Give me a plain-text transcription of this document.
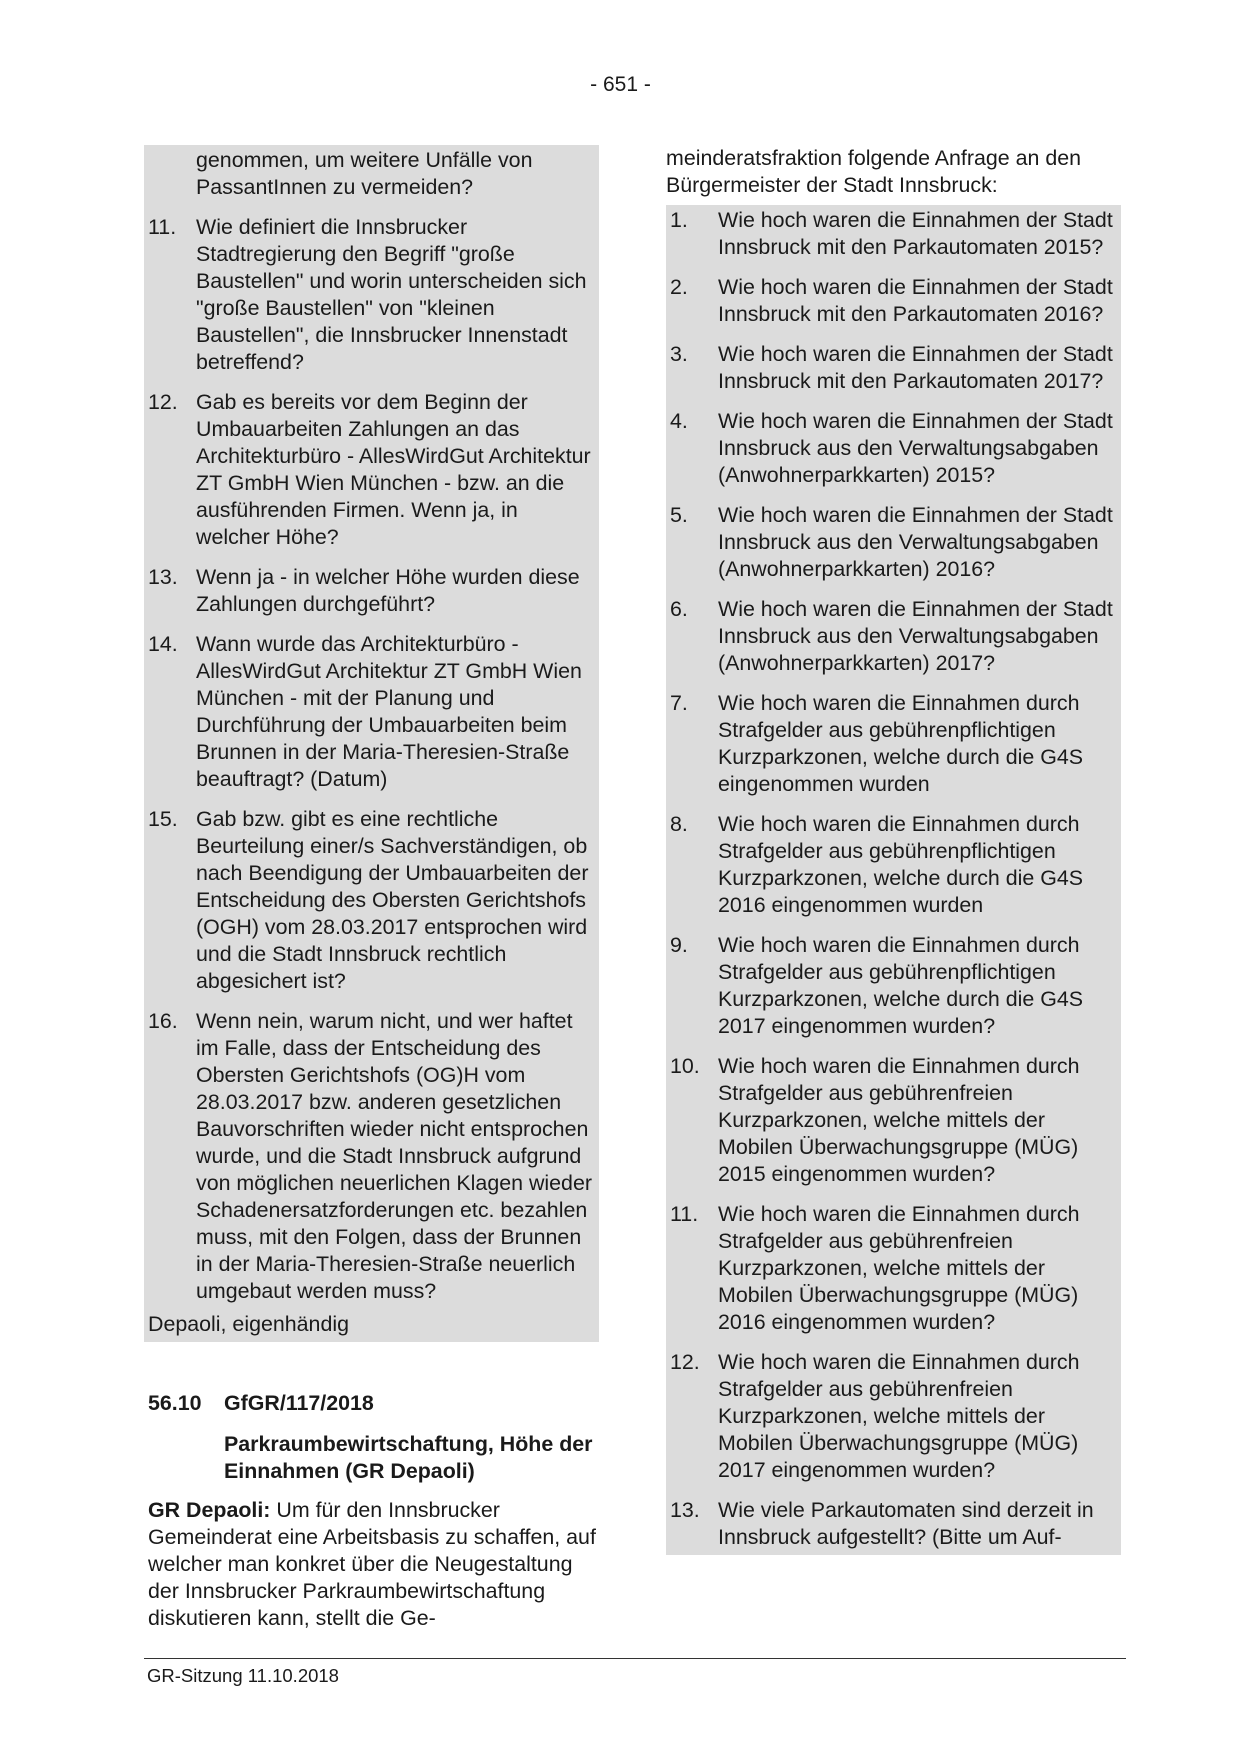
- 651 -
genommen, um weitere Unfälle von PassantInnen zu vermeiden?
11. Wie definiert die Innsbrucker Stadtregierung den Begriff "große Baustellen" und worin unterscheiden sich "große Baustellen" von "kleinen Baustellen", die Innsbrucker Innenstadt betreffend?
12. Gab es bereits vor dem Beginn der Umbauarbeiten Zahlungen an das Architekturbüro - AllesWirdGut Architektur ZT GmbH Wien München - bzw. an die ausführenden Firmen. Wenn ja, in welcher Höhe?
13. Wenn ja - in welcher Höhe wurden diese Zahlungen durchgeführt?
14. Wann wurde das Architekturbüro - AllesWirdGut Architektur ZT GmbH Wien München - mit der Planung und Durchführung der Umbauarbeiten beim Brunnen in der Maria-Theresien-Straße beauftragt? (Datum)
15. Gab bzw. gibt es eine rechtliche Beurteilung einer/s Sachverständigen, ob nach Beendigung der Umbauarbeiten der Entscheidung des Obersten Gerichtshofs (OGH) vom 28.03.2017 entsprochen wird und die Stadt Innsbruck rechtlich abgesichert ist?
16. Wenn nein, warum nicht, und wer haftet im Falle, dass der Entscheidung des Obersten Gerichtshofs (OG)H vom 28.03.2017 bzw. anderen gesetzlichen Bauvorschriften wieder nicht entsprochen wurde, und die Stadt Innsbruck aufgrund von möglichen neuerlichen Klagen wieder Schadenersatzforderungen etc. bezahlen muss, mit den Folgen, dass der Brunnen in der Maria-Theresien-Straße neuerlich umgebaut werden muss?
Depaoli, eigenhändig
56.10	GfGR/117/2018
Parkraumbewirtschaftung, Höhe der Einnahmen (GR Depaoli)
GR Depaoli: Um für den Innsbrucker Gemeinderat eine Arbeitsbasis zu schaffen, auf welcher man konkret über die Neugestaltung der Innsbrucker Parkraumbewirtschaftung diskutieren kann, stellt die Ge-
meinderatsfraktion folgende Anfrage an den Bürgermeister der Stadt Innsbruck:
1.	Wie hoch waren die Einnahmen der Stadt Innsbruck mit den Parkautomaten 2015?
2.	Wie hoch waren die Einnahmen der Stadt Innsbruck mit den Parkautomaten 2016?
3.	Wie hoch waren die Einnahmen der Stadt Innsbruck mit den Parkautomaten 2017?
4.	Wie hoch waren die Einnahmen der Stadt Innsbruck aus den Verwaltungsabgaben (Anwohnerparkkarten) 2015?
5.	Wie hoch waren die Einnahmen der Stadt Innsbruck aus den Verwaltungsabgaben (Anwohnerparkkarten) 2016?
6.	Wie hoch waren die Einnahmen der Stadt Innsbruck aus den Verwaltungsabgaben (Anwohnerparkkarten) 2017?
7.	Wie hoch waren die Einnahmen durch Strafgelder aus gebührenpflichtigen Kurzparkzonen, welche durch die G4S eingenommen wurden
8.	Wie hoch waren die Einnahmen durch Strafgelder aus gebührenpflichtigen Kurzparkzonen, welche durch die G4S 2016 eingenommen wurden
9.	Wie hoch waren die Einnahmen durch Strafgelder aus gebührenpflichtigen Kurzparkzonen, welche durch die G4S 2017 eingenommen wurden?
10. Wie hoch waren die Einnahmen durch Strafgelder aus gebührenfreien Kurzparkzonen, welche mittels der Mobilen Überwachungsgruppe (MÜG) 2015 eingenommen wurden?
11. Wie hoch waren die Einnahmen durch Strafgelder aus gebührenfreien Kurzparkzonen, welche mittels der Mobilen Überwachungsgruppe (MÜG) 2016 eingenommen wurden?
12. Wie hoch waren die Einnahmen durch Strafgelder aus gebührenfreien Kurzparkzonen, welche mittels der Mobilen Überwachungsgruppe (MÜG) 2017 eingenommen wurden?
13. Wie viele Parkautomaten sind derzeit in Innsbruck aufgestellt? (Bitte um Auf-
GR-Sitzung 11.10.2018
